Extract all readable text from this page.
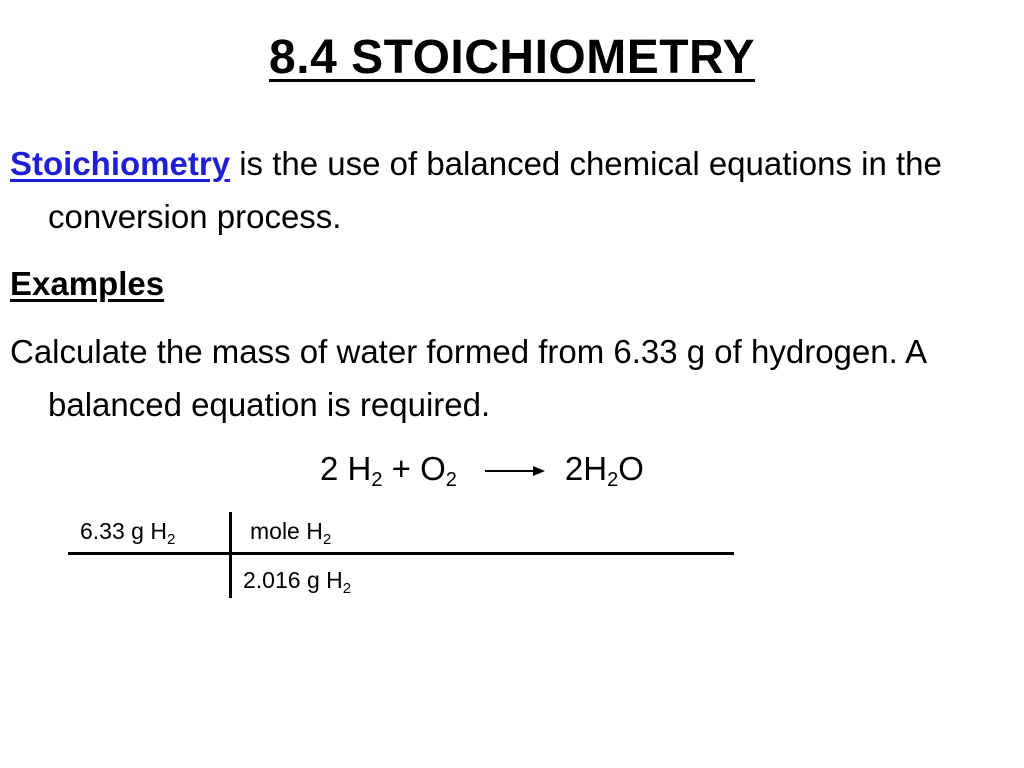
8.4 STOICHIOMETRY
Stoichiometry is the use of balanced chemical equations in the conversion process.
Examples
Calculate the mass of water formed from 6.33 g of hydrogen. A balanced equation is required.
2 $H_2 + O_2 \to 2H_2O$
6.33 g $H_2$	mole $H_2$
2.016 g $H_2$
